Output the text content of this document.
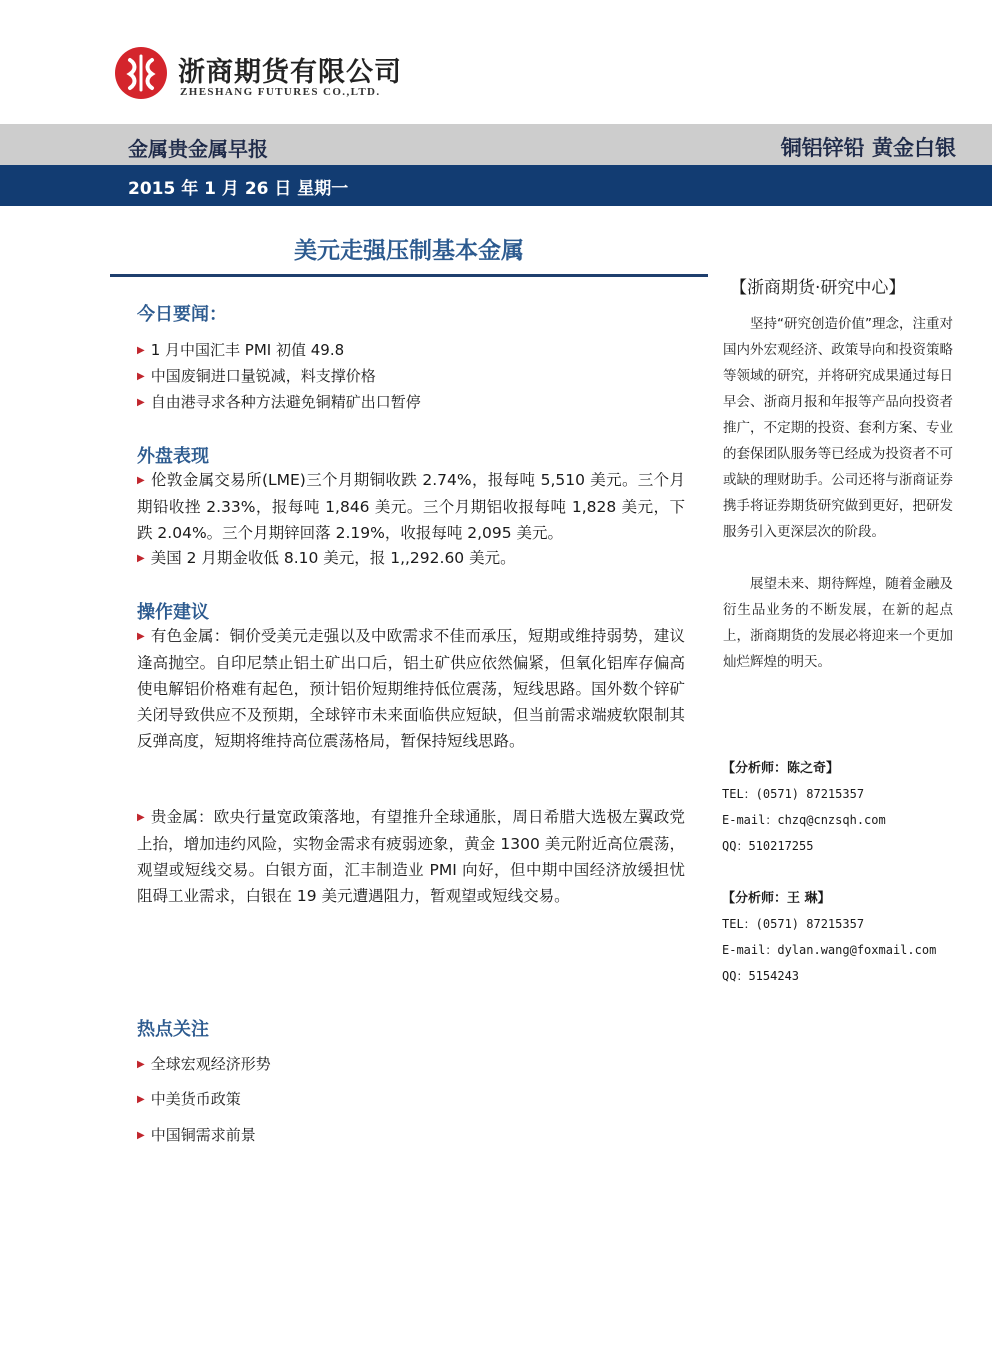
浙商期货有限公司
ZHESHANG FUTURES CO.,LTD.
金属贵金属早报	铜铝锌铅 黄金白银
2015 年 1 月 26 日 星期一
美元走强压制基本金属
今日要闻：
▶ 1 月中国汇丰 PMI 初值 49.8
▶ 中国废铜进口量锐减，料支撑价格
▶ 自由港寻求各种方法避免铜精矿出口暂停
外盘表现
▶ 伦敦金属交易所(LME)三个月期铜收跌 2.74%，报每吨 5,510 美元。三个月期铅收挫 2.33%，报每吨 1,846 美元。三个月期铝收报每吨 1,828 美元，下跌 2.04%。三个月期锌回落 2.19%，收报每吨 2,095 美元。
▶ 美国 2 月期金收低 8.10 美元，报 1,,292.60 美元。
操作建议
▶ 有色金属：铜价受美元走强以及中欧需求不佳而承压，短期或维持弱势，建议逢高抛空。自印尼禁止铝土矿出口后，铝土矿供应依然偏紧，但氧化铝库存偏高使电解铝价格难有起色，预计铝价短期维持低位震荡，短线思路。国外数个锌矿关闭导致供应不及预期，全球锌市未来面临供应短缺，但当前需求端疲软限制其反弹高度，短期将维持高位震荡格局，暂保持短线思路。
▶ 贵金属：欧央行量宽政策落地，有望推升全球通胀，周日希腊大选极左翼政党上抬，增加违约风险，实物金需求有疲弱迹象，黄金 1300 美元附近高位震荡，观望或短线交易。白银方面，汇丰制造业 PMI 向好，但中期中国经济放缓担忧阻碍工业需求，白银在 19 美元遭遇阻力，暂观望或短线交易。
热点关注
▶ 全球宏观经济形势
▶ 中美货币政策
▶ 中国铜需求前景
【浙商期货·研究中心】
坚持“研究创造价值”理念，注重对国内外宏观经济、政策导向和投资策略等领域的研究，并将研究成果通过每日早会、浙商月报和年报等产品向投资者推广，不定期的投资、套利方案、专业的套保团队服务等已经成为投资者不可或缺的理财助手。公司还将与浙商证券携手将证券期货研究做到更好，把研发服务引入更深层次的阶段。
展望未来、期待辉煌，随着金融及衍生品业务的不断发展，在新的起点上，浙商期货的发展必将迎来一个更加灿烂辉煌的明天。
【分析师：陈之奇】
TEL：(0571) 87215357
E-mail：chzq@cnzsqh.com
QQ：510217255
【分析师：王 琳】
TEL：(0571) 87215357
E-mail：dylan.wang@foxmail.com
QQ：5154243
